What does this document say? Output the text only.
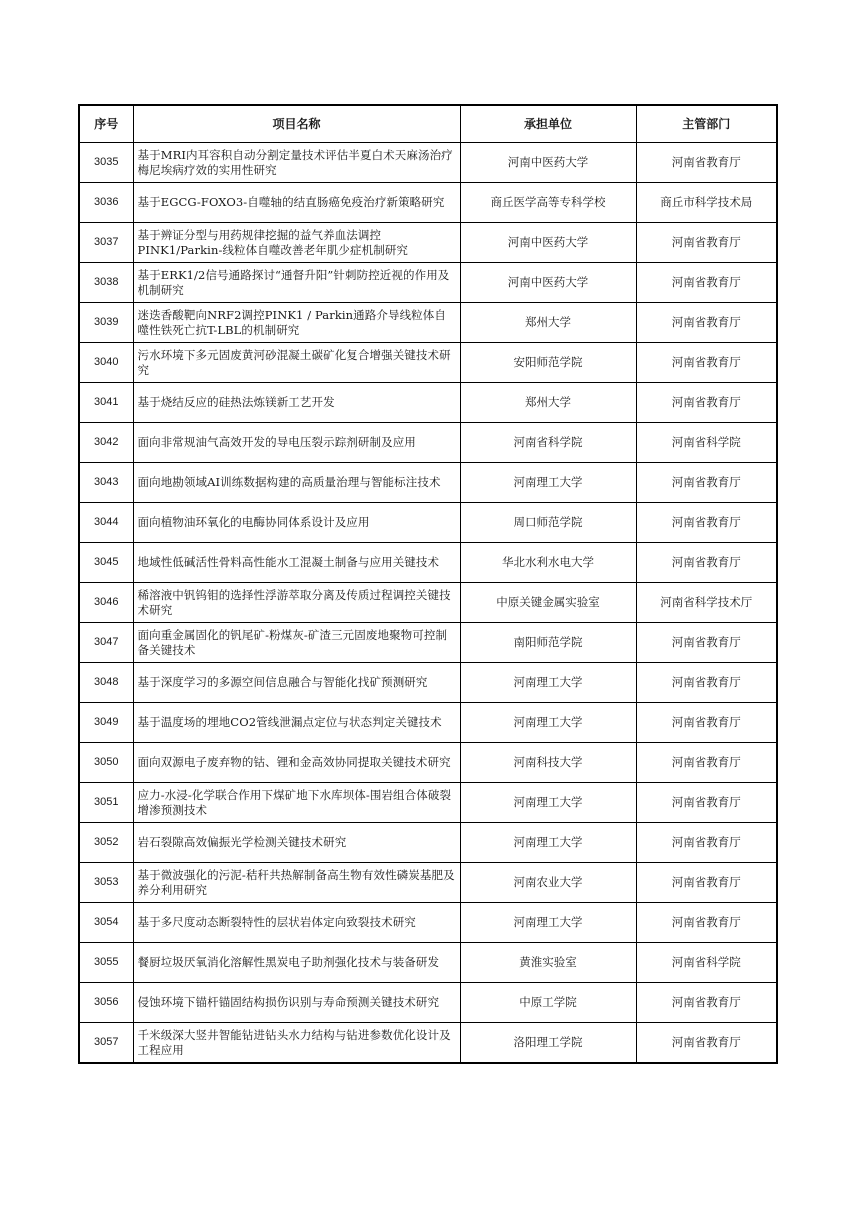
序号	项目名称	承担单位	主管部门
3035	基于MRI内耳容积自动分割定量技术评估半夏白术天麻汤治疗梅尼埃病疗效的实用性研究	河南中医药大学	河南省教育厅
3036	基于EGCG-FOXO3-自噬轴的结直肠癌免疫治疗新策略研究	商丘医学高等专科学校	商丘市科学技术局
3037	基于辨证分型与用药规律挖掘的益气养血法调控PINK1/Parkin-线粒体自噬改善老年肌少症机制研究	河南中医药大学	河南省教育厅
3038	基于ERK1/2信号通路探讨“通督升阳”针刺防控近视的作用及机制研究	河南中医药大学	河南省教育厅
3039	迷迭香酸靶向NRF2调控PINK1 / Parkin通路介导线粒体自噬性铁死亡抗T-LBL的机制研究	郑州大学	河南省教育厅
3040	污水环境下多元固废黄河砂混凝土碳矿化复合增强关键技术研究	安阳师范学院	河南省教育厅
3041	基于烧结反应的硅热法炼镁新工艺开发	郑州大学	河南省教育厅
3042	面向非常规油气高效开发的导电压裂示踪剂研制及应用	河南省科学院	河南省科学院
3043	面向地勘领域AI训练数据构建的高质量治理与智能标注技术	河南理工大学	河南省教育厅
3044	面向植物油环氧化的电酶协同体系设计及应用	周口师范学院	河南省教育厅
3045	地域性低碱活性骨料高性能水工混凝土制备与应用关键技术	华北水利水电大学	河南省教育厅
3046	稀溶液中钒钨钼的选择性浮游萃取分离及传质过程调控关键技术研究	中原关键金属实验室	河南省科学技术厅
3047	面向重金属固化的钒尾矿-粉煤灰-矿渣三元固废地聚物可控制备关键技术	南阳师范学院	河南省教育厅
3048	基于深度学习的多源空间信息融合与智能化找矿预测研究	河南理工大学	河南省教育厅
3049	基于温度场的埋地CO2管线泄漏点定位与状态判定关键技术	河南理工大学	河南省教育厅
3050	面向双源电子废弃物的钴、锂和金高效协同提取关键技术研究	河南科技大学	河南省教育厅
3051	应力-水浸-化学联合作用下煤矿地下水库坝体-围岩组合体破裂增渗预测技术	河南理工大学	河南省教育厅
3052	岩石裂隙高效偏振光学检测关键技术研究	河南理工大学	河南省教育厅
3053	基于微波强化的污泥-秸秆共热解制备高生物有效性磷炭基肥及养分利用研究	河南农业大学	河南省教育厅
3054	基于多尺度动态断裂特性的层状岩体定向致裂技术研究	河南理工大学	河南省教育厅
3055	餐厨垃圾厌氧消化溶解性黑炭电子助剂强化技术与装备研发	黄淮实验室	河南省科学院
3056	侵蚀环境下锚杆锚固结构损伤识别与寿命预测关键技术研究	中原工学院	河南省教育厅
3057	千米级深大竖井智能钻进钻头水力结构与钻进参数优化设计及工程应用	洛阳理工学院	河南省教育厅
